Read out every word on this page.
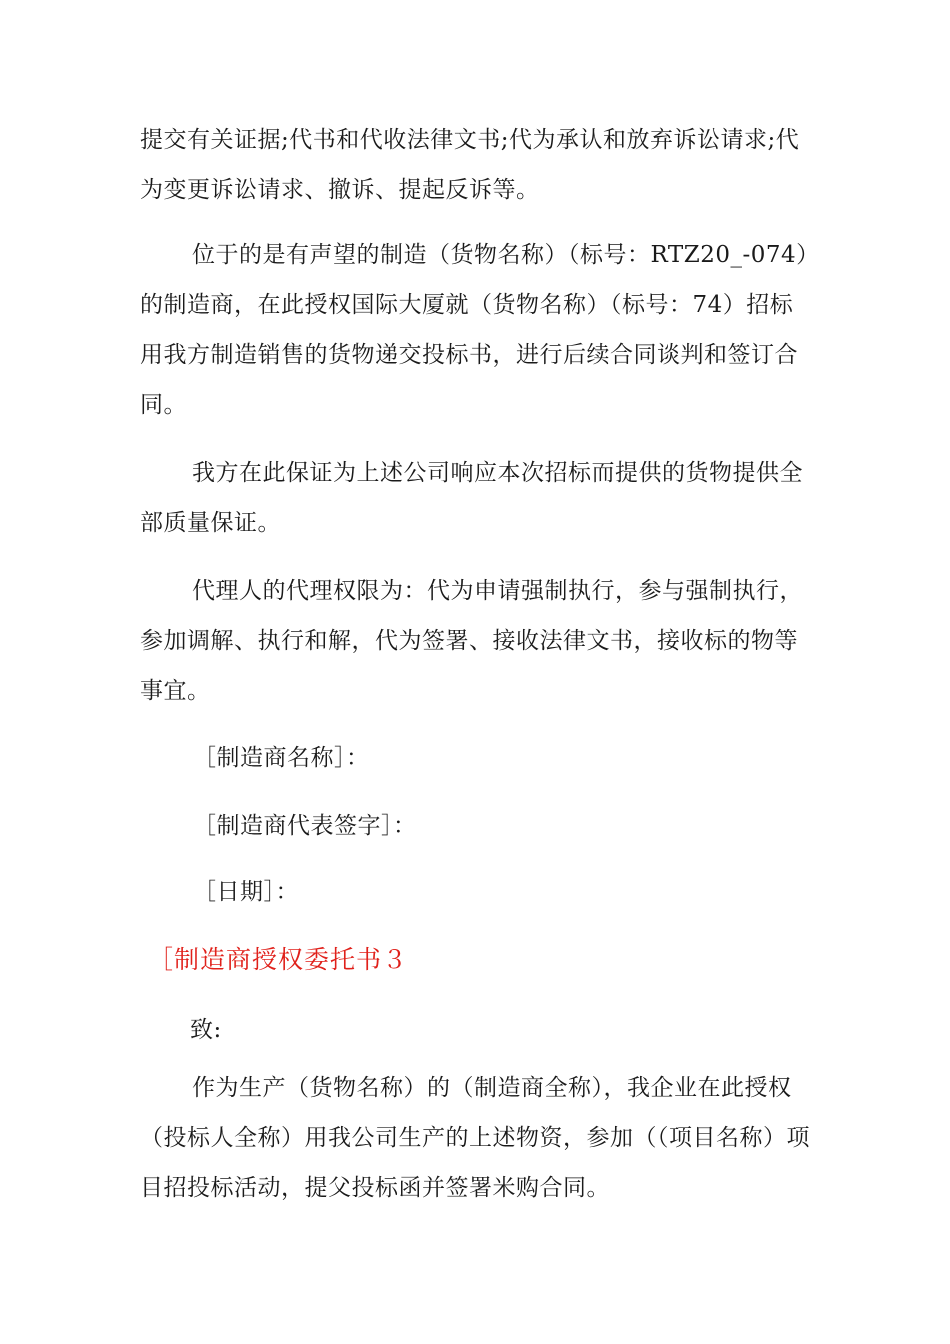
提交有关证据;代书和代收法律文书;代为承认和放弃诉讼请求;代为变更诉讼请求、撤诉、提起反诉等。

位于的是有声望的制造（货物名称）（标号：RTZ20_-074）的制造商，在此授权国际大厦就（货物名称）（标号：74）招标用我方制造销售的货物递交投标书，进行后续合同谈判和签订合同。

我方在此保证为上述公司响应本次招标而提供的货物提供全部质量保证。

代理人的代理权限为：代为申请强制执行，参与强制执行，参加调解、执行和解，代为签署、接收法律文书，接收标的物等事宜。

［制造商名称］：

［制造商代表签字］：

［日期］：

［制造商授权委托书３

致:

作为生产（货物名称）的（制造商全称），我企业在此授权（投标人全称）用我公司生产的上述物资，参加（（项目名称）项目招投标活动，提父投标函并签署米购合同。
